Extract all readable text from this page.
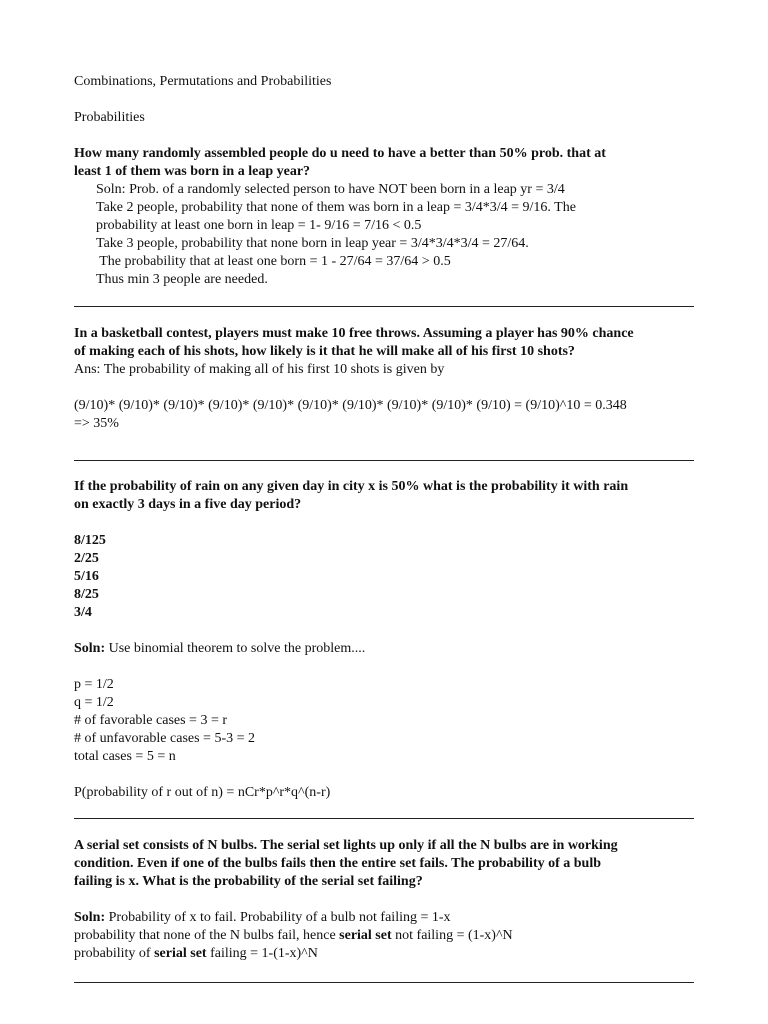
Combinations, Permutations and Probabilities
Probabilities
How many randomly assembled people do u need to have a better than 50% prob. that at
least 1 of them was born in a leap year?
Soln: Prob. of a randomly selected person to have NOT been born in a leap yr = 3/4
Take 2 people, probability that none of them was born in a leap = 3/4*3/4 = 9/16. The
probability at least one born in leap = 1- 9/16 = 7/16 < 0.5
Take 3 people, probability that none born in leap year = 3/4*3/4*3/4 = 27/64.
The probability that at least one born = 1 - 27/64 = 37/64 > 0.5
Thus min 3 people are needed.
In a basketball contest, players must make 10 free throws. Assuming a player has 90% chance
of making each of his shots, how likely is it that he will make all of his first 10 shots?
Ans: The probability of making all of his first 10 shots is given by
(9/10)* (9/10)* (9/10)* (9/10)* (9/10)* (9/10)* (9/10)* (9/10)* (9/10)* (9/10) = (9/10)^10 = 0.348
=> 35%
If the probability of rain on any given day in city x is 50% what is the probability it with rain
on exactly 3 days in a five day period?
8/125
2/25
5/16
8/25
3/4
Soln: Use binomial theorem to solve the problem....
p = 1/2
q = 1/2
# of favorable cases = 3 = r
# of unfavorable cases = 5-3 = 2
total cases = 5 = n
P(probability of r out of n) = nCr*p^r*q^(n-r)
A serial set consists of N bulbs. The serial set lights up only if all the N bulbs are in working
condition. Even if one of the bulbs fails then the entire set fails. The probability of a bulb
failing is x. What is the probability of the serial set failing?
Soln: Probability of x to fail. Probability of a bulb not failing = 1-x
probability that none of the N bulbs fail, hence serial set not failing = (1-x)^N
probability of serial set failing = 1-(1-x)^N
